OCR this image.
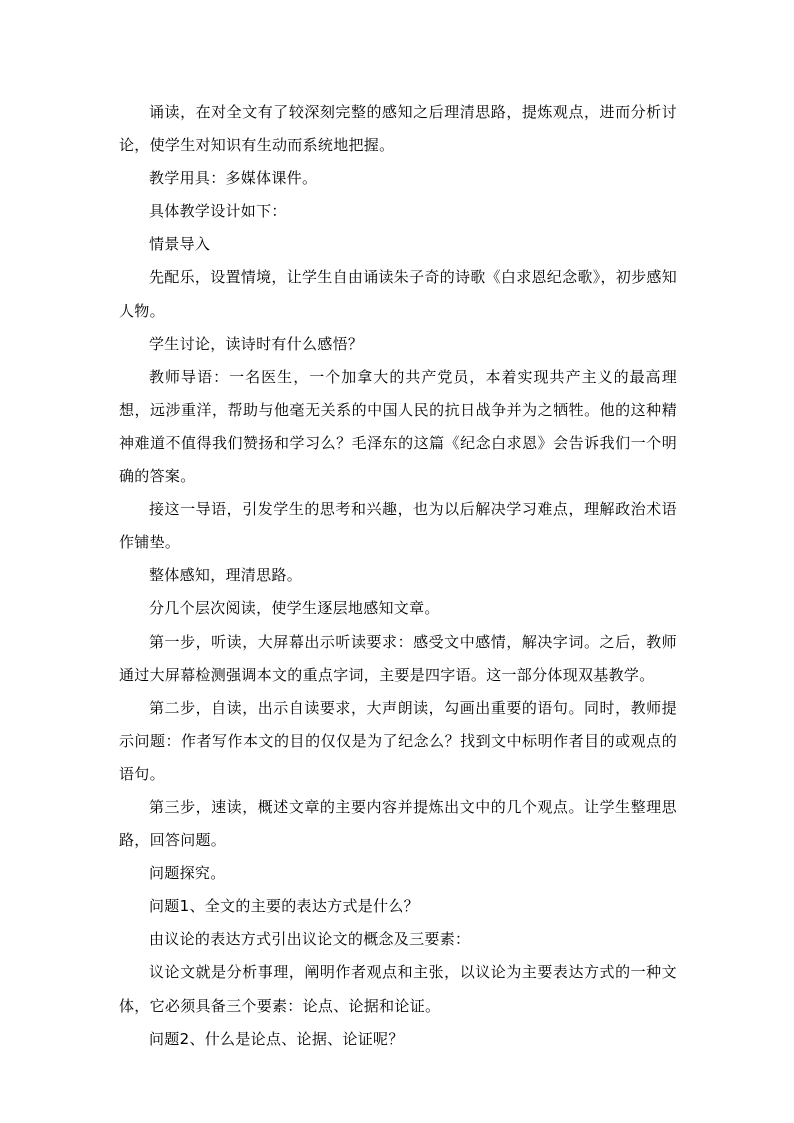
诵读，在对全文有了较深刻完整的感知之后理清思路，提炼观点，进而分析讨论，使学生对知识有生动而系统地把握。

教学用具：多媒体课件。

具体教学设计如下：

情景导入

先配乐，设置情境，让学生自由诵读朱子奇的诗歌《白求恩纪念歌》，初步感知人物。

学生讨论，读诗时有什么感悟？

教师导语：一名医生，一个加拿大的共产党员，本着实现共产主义的最高理想，远涉重洋，帮助与他毫无关系的中国人民的抗日战争并为之牺牲。他的这种精神难道不值得我们赞扬和学习么？毛泽东的这篇《纪念白求恩》会告诉我们一个明确的答案。

接这一导语，引发学生的思考和兴趣，也为以后解决学习难点，理解政治术语作铺垫。

整体感知，理清思路。

分几个层次阅读，使学生逐层地感知文章。

第一步，听读，大屏幕出示听读要求：感受文中感情，解决字词。之后，教师通过大屏幕检测强调本文的重点字词，主要是四字语。这一部分体现双基教学。

第二步，自读，出示自读要求，大声朗读，勾画出重要的语句。同时，教师提示问题：作者写作本文的目的仅仅是为了纪念么？找到文中标明作者目的或观点的语句。

第三步，速读，概述文章的主要内容并提炼出文中的几个观点。让学生整理思路，回答问题。

问题探究。

问题1、全文的主要的表达方式是什么？

由议论的表达方式引出议论文的概念及三要素：

议论文就是分析事理，阐明作者观点和主张，以议论为主要表达方式的一种文体，它必须具备三个要素：论点、论据和论证。

问题2、什么是论点、论据、论证呢？
